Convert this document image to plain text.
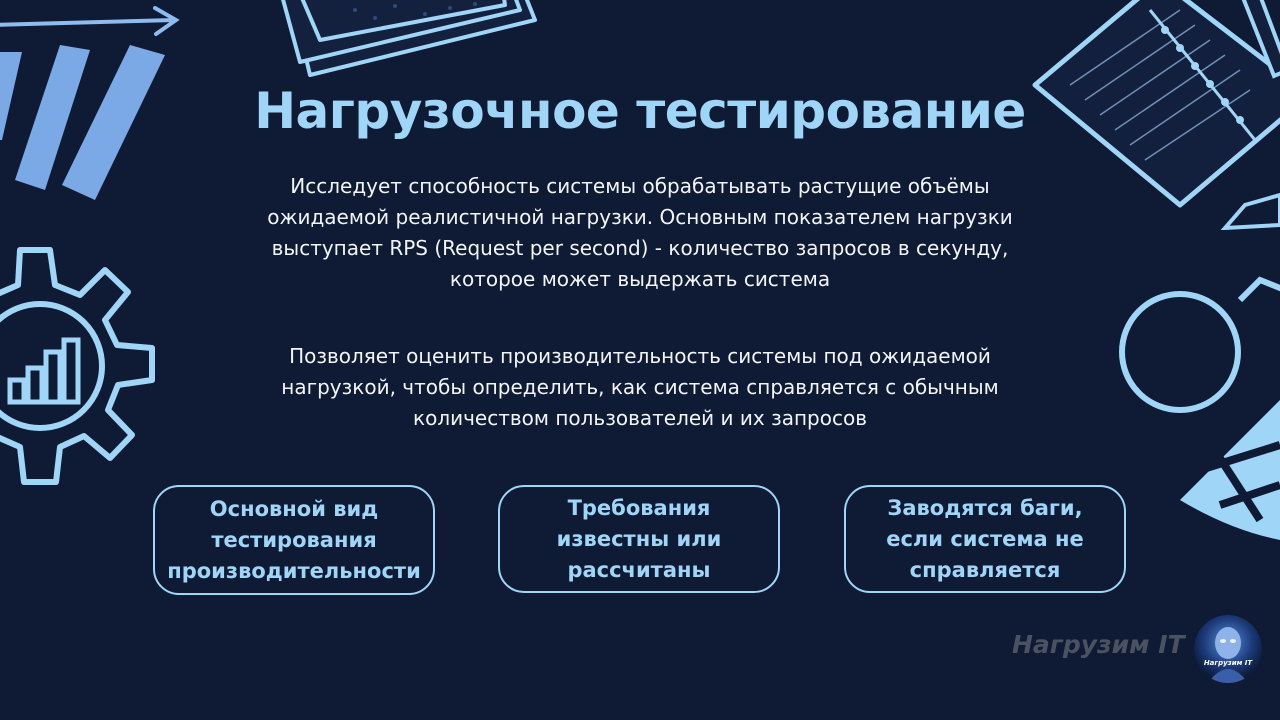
Нагрузочное тестирование

Исследует способность системы обрабатывать растущие объёмы ожидаемой реалистичной нагрузки. Основным показателем нагрузки выступает RPS (Request per second) - количество запросов в секунду, которое может выдержать система

Позволяет оценить производительность системы под ожидаемой нагрузкой, чтобы определить, как система справляется с обычным количеством пользователей и их запросов

Основной вид тестирования производительности
Требования известны или рассчитаны
Заводятся баги, если система не справляется
Нагрузим IT
Нагрузим IT
